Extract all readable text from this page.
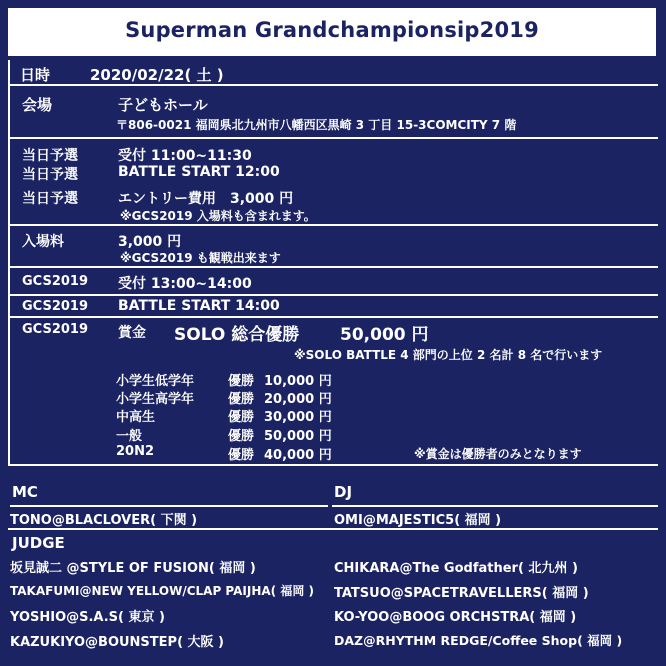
Superman Grandchampionsip2019
日時	2020/02/22( 土 )
会場	子どもホール
〒806-0021 福岡県北九州市八幡西区黒崎 3 丁目 15-3COMCITY 7 階
当日予選	受付 11:00~11:30
当日予選	BATTLE START 12:00
当日予選	エントリー費用　3,000 円
※GCS2019 入場料も含まれます。
入場料	3,000 円
※GCS2019 も観戦出来ます
GCS2019 受付 13:00~14:00
GCS2019 BATTLE START 14:00
GCS2019 賞金 SOLO 総合優勝 50,000 円
※SOLO BATTLE 4 部門の上位 2 名計 8 名で行います
小学生低学年	優勝 10,000 円
小学生高学年	優勝 20,000 円
中高生	優勝 30,000 円
一般	優勝 50,000 円
20N2	優勝 40,000 円	※賞金は優勝者のみとなります
MC
TONO@BLACLOVER( 下関 )
DJ
OMI@MAJESTIC5( 福岡 )
JUDGE
坂見誠二 @STYLE OF FUSION( 福岡 )
TAKAFUMI@NEW YELLOW/CLAP PAIJHA( 福岡 )
YOSHIO@S.A.S( 東京 )
KAZUKIYO@BOUNSTEP( 大阪 )
CHIKARA@The Godfather( 北九州 )
TATSUO@SPACETRAVELLERS( 福岡 )
KO-YOO@BOOG ORCHSTRA( 福岡 )
DAZ@RHYTHM REDGE/Coffee Shop( 福岡 )
